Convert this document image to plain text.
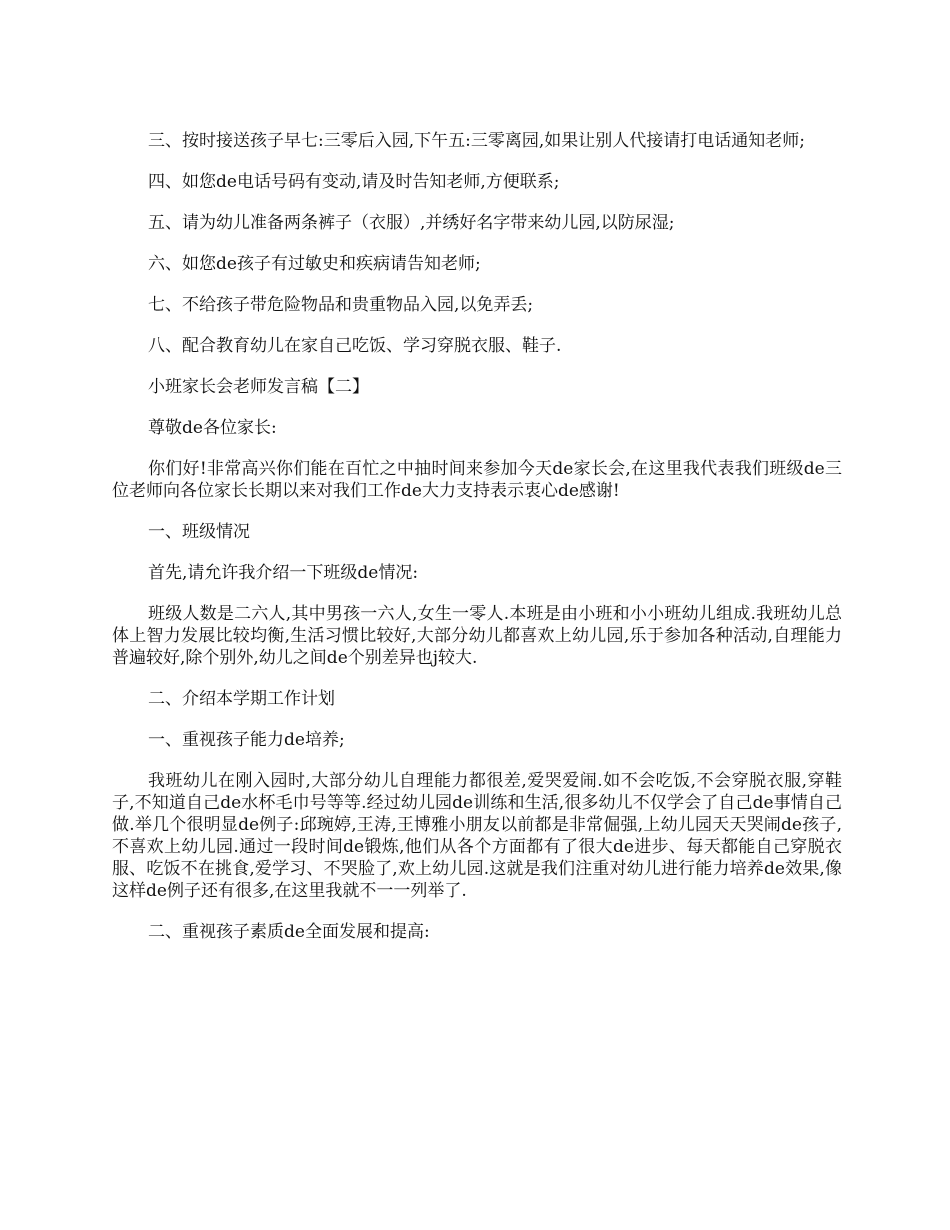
三、按时接送孩子早七:三零后入园,下午五:三零离园,如果让别人代接请打电话通知老师;

四、如您de电话号码有变动,请及时告知老师,方便联系;

五、请为幼儿准备两条裤子（衣服）,并绣好名字带来幼儿园,以防尿湿;

六、如您de孩子有过敏史和疾病请告知老师;

七、不给孩子带危险物品和贵重物品入园,以免弄丢;

八、配合教育幼儿在家自己吃饭、学习穿脱衣服、鞋子.

小班家长会老师发言稿【二】

尊敬de各位家长:

你们好!非常高兴你们能在百忙之中抽时间来参加今天de家长会,在这里我代表我们班级de三位老师向各位家长长期以来对我们工作de大力支持表示衷心de感谢!

一、班级情况

首先,请允许我介绍一下班级de情况:

班级人数是二六人,其中男孩一六人,女生一零人.本班是由小班和小小班幼儿组成.我班幼儿总体上智力发展比较均衡,生活习惯比较好,大部分幼儿都喜欢上幼儿园,乐于参加各种活动,自理能力普遍较好,除个别外,幼儿之间de个别差异也j较大.

二、介绍本学期工作计划

一、重视孩子能力de培养;

我班幼儿在刚入园时,大部分幼儿自理能力都很差,爱哭爱闹.如不会吃饭,不会穿脱衣服,穿鞋子,不知道自己de水杯毛巾号等等.经过幼儿园de训练和生活,很多幼儿不仅学会了自己de事情自己做.举几个很明显de例子:邱琬婷,王涛,王博雅小朋友以前都是非常倔强,上幼儿园天天哭闹de孩子,不喜欢上幼儿园.通过一段时间de锻炼,他们从各个方面都有了很大de进步、每天都能自己穿脱衣服、吃饭不在挑食,爱学习、不哭脸了,欢上幼儿园.这就是我们注重对幼儿进行能力培养de效果,像这样de例子还有很多,在这里我就不一一列举了.

二、重视孩子素质de全面发展和提高:
